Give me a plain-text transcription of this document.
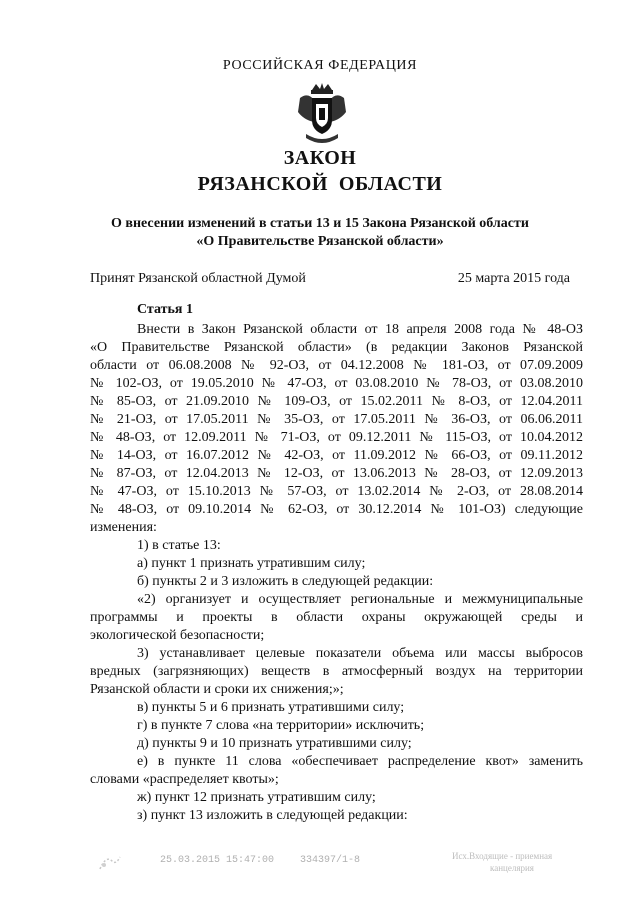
РОССИЙСКАЯ ФЕДЕРАЦИЯ
ЗАКОН
РЯЗАНСКОЙ  ОБЛАСТИ
О внесении изменений в статьи 13 и 15 Закона Рязанской области
«О Правительстве Рязанской области»
Принят Рязанской областной Думой	25 марта 2015 года
Статья 1
Внести в Закон Рязанской области от 18 апреля 2008 года № 48-ОЗ
«О Правительстве Рязанской области» (в редакции Законов Рязанской
области от 06.08.2008 № 92-ОЗ, от 04.12.2008 № 181-ОЗ, от 07.09.2009
№ 102-ОЗ, от 19.05.2010 № 47-ОЗ, от 03.08.2010 № 78-ОЗ, от 03.08.2010
№ 85-ОЗ, от 21.09.2010 № 109-ОЗ, от 15.02.2011 № 8-ОЗ, от 12.04.2011
№ 21-ОЗ, от 17.05.2011 № 35-ОЗ, от 17.05.2011 № 36-ОЗ, от 06.06.2011
№ 48-ОЗ, от 12.09.2011 № 71-ОЗ, от 09.12.2011 № 115-ОЗ, от 10.04.2012
№ 14-ОЗ, от 16.07.2012 № 42-ОЗ, от 11.09.2012 № 66-ОЗ, от 09.11.2012
№ 87-ОЗ, от 12.04.2013 № 12-ОЗ, от 13.06.2013 № 28-ОЗ, от 12.09.2013
№ 47-ОЗ, от 15.10.2013 № 57-ОЗ, от 13.02.2014 № 2-ОЗ, от 28.08.2014
№ 48-ОЗ, от 09.10.2014 № 62-ОЗ, от 30.12.2014 № 101-ОЗ) следующие
изменения:
1) в статье 13:
а) пункт 1 признать утратившим силу;
б) пункты 2 и 3 изложить в следующей редакции:
«2) организует и осуществляет региональные и межмуниципальные
программы и проекты в области охраны окружающей среды и
экологической безопасности;
3) устанавливает целевые показатели объема или массы выбросов
вредных (загрязняющих) веществ в атмосферный воздух на территории
Рязанской области и сроки их снижения;»;
в) пункты 5 и 6 признать утратившими силу;
г) в пункте 7 слова «на территории» исключить;
д) пункты 9 и 10 признать утратившими силу;
е) в пункте 11 слова «обеспечивает распределение квот» заменить
словами «распределяет квоты»;
ж) пункт 12 признать утратившим силу;
з) пункт 13 изложить в следующей редакции:
25.03.2015 15:47:00	334397/1-8	Исх.Входящие - приемная
канцелярия
